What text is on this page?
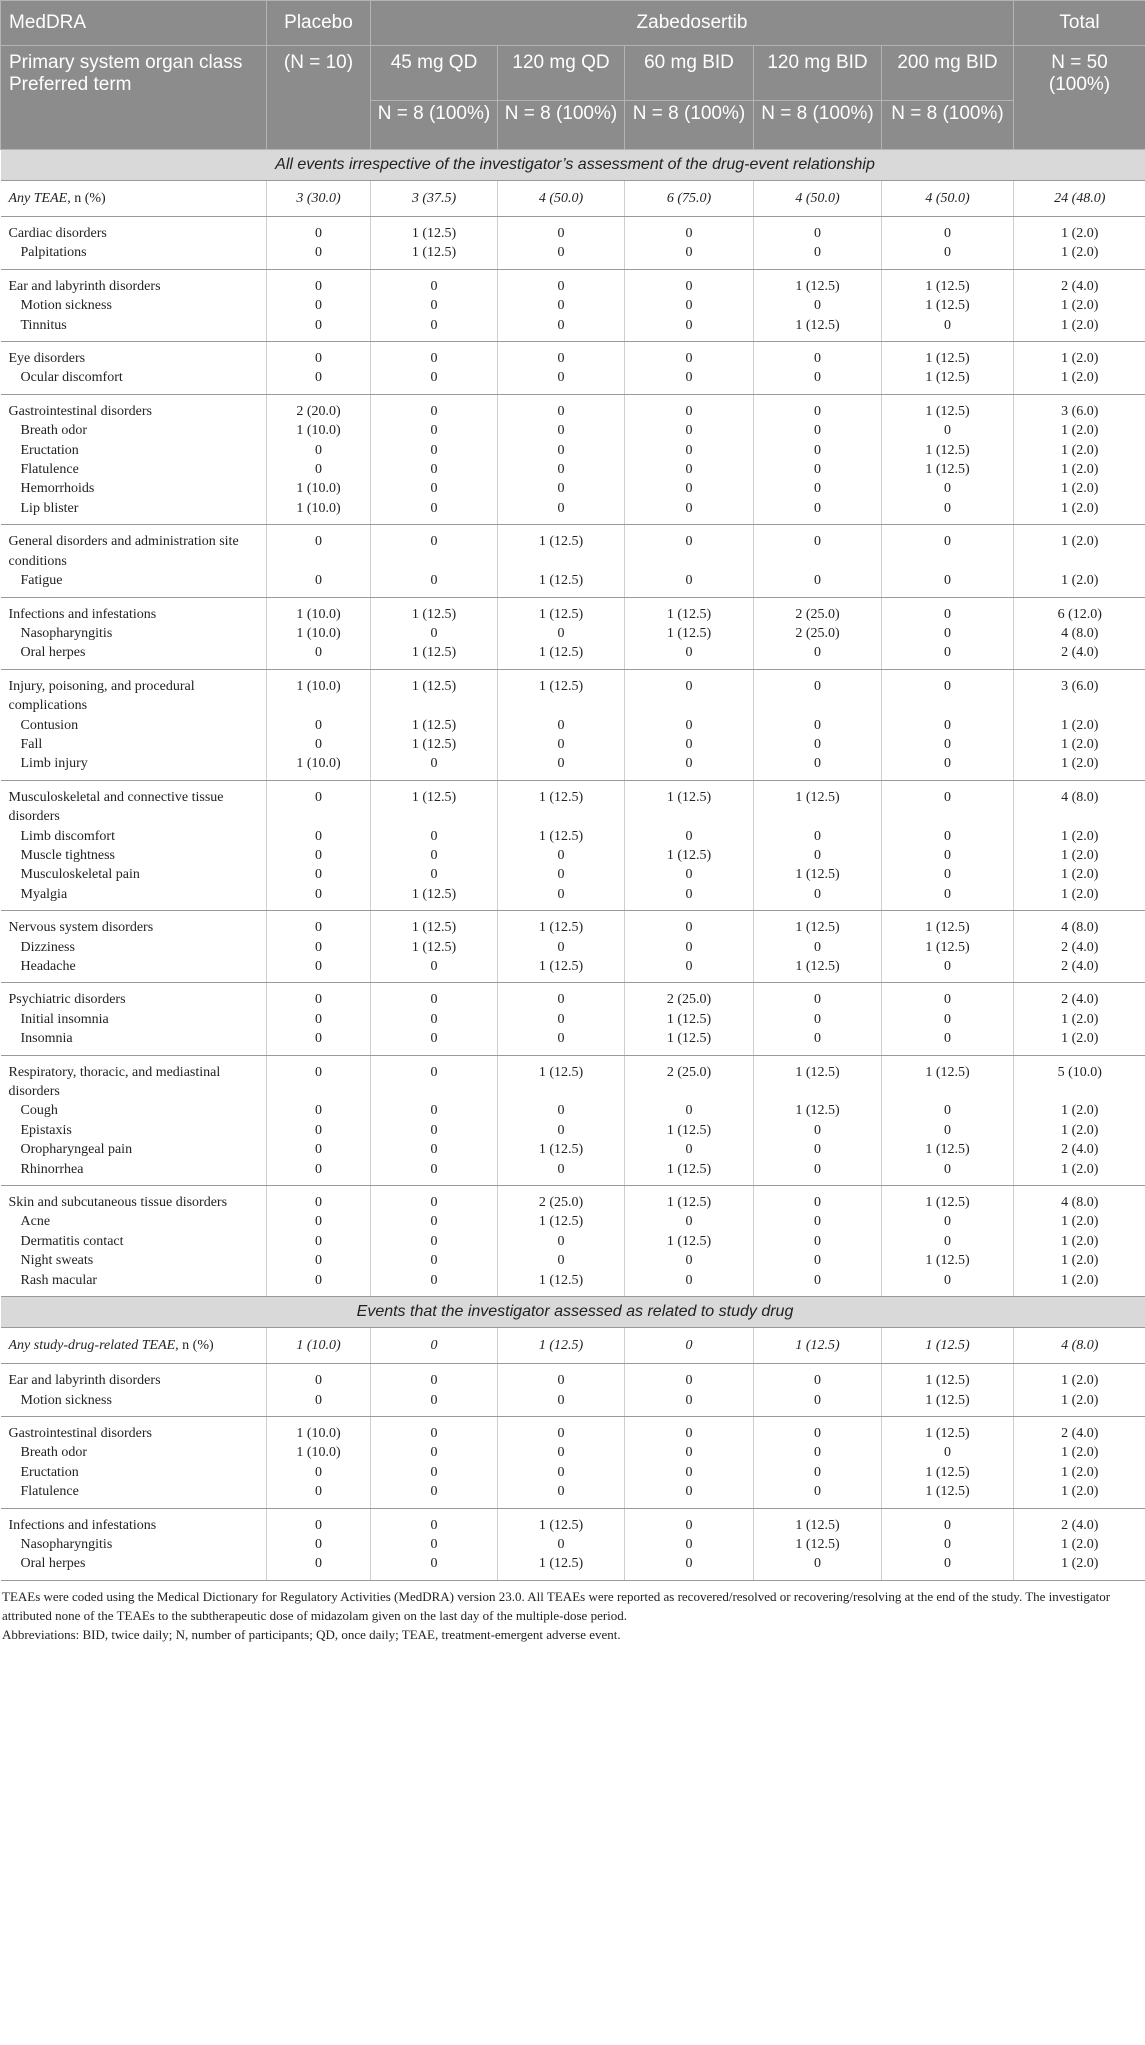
MedDRA	Placebo	Zabedosertib					Total

Primary system organ class
Preferred term	(N = 10)	45 mg QD	120 mg QD	60 mg BID	120 mg BID	200 mg BID	N = 50 (100%)
		N = 8 (100%)	N = 8 (100%)	N = 8 (100%)	N = 8 (100%)	N = 8 (100%)	
All events irrespective of the investigator’s assessment of the drug-event relationship							
Any TEAE, n (%)	3 (30.0)	3 (37.5)	4 (50.0)	6 (75.0)	4 (50.0)	4 (50.0)	24 (48.0)
Cardiac disorders	0	1 (12.5)	0	0	0	0	1 (2.0)
Palpitations	0	1 (12.5)	0	0	0	0	1 (2.0)
Ear and labyrinth disorders	0	0	0	0	1 (12.5)	1 (12.5)	2 (4.0)
Motion sickness	0	0	0	0	0	1 (12.5)	1 (2.0)
Tinnitus	0	0	0	0	1 (12.5)	0	1 (2.0)
Eye disorders	0	0	0	0	0	1 (12.5)	1 (2.0)
Ocular discomfort	0	0	0	0	0	1 (12.5)	1 (2.0)
Gastrointestinal disorders	2 (20.0)	0	0	0	0	1 (12.5)	3 (6.0)
Breath odor	1 (10.0)	0	0	0	0	0	1 (2.0)
Eructation	0	0	0	0	0	1 (12.5)	1 (2.0)
Flatulence	0	0	0	0	0	1 (12.5)	1 (2.0)
Hemorrhoids	1 (10.0)	0	0	0	0	0	1 (2.0)
Lip blister	1 (10.0)	0	0	0	0	0	1 (2.0)
General disorders and administration site conditions	0	0	1 (12.5)	0	0	0	1 (2.0)
Fatigue	0	0	1 (12.5)	0	0	0	1 (2.0)
Infections and infestations	1 (10.0)	1 (12.5)	1 (12.5)	1 (12.5)	2 (25.0)	0	6 (12.0)
Nasopharyngitis	1 (10.0)	0	0	1 (12.5)	2 (25.0)	0	4 (8.0)
Oral herpes	0	1 (12.5)	1 (12.5)	0	0	0	2 (4.0)
Injury, poisoning, and procedural complications	1 (10.0)	1 (12.5)	1 (12.5)	0	0	0	3 (6.0)
Contusion	0	1 (12.5)	0	0	0	0	1 (2.0)
Fall	0	1 (12.5)	0	0	0	0	1 (2.0)
Limb injury	1 (10.0)	0	0	0	0	0	1 (2.0)
Musculoskeletal and connective tissue disorders	0	1 (12.5)	1 (12.5)	1 (12.5)	1 (12.5)	0	4 (8.0)
Limb discomfort	0	0	1 (12.5)	0	0	0	1 (2.0)
Muscle tightness	0	0	0	1 (12.5)	0	0	1 (2.0)
Musculoskeletal pain	0	0	0	0	1 (12.5)	0	1 (2.0)
Myalgia	0	1 (12.5)	0	0	0	0	1 (2.0)
Nervous system disorders	0	1 (12.5)	1 (12.5)	0	1 (12.5)	1 (12.5)	4 (8.0)
Dizziness	0	1 (12.5)	0	0	0	1 (12.5)	2 (4.0)
Headache	0	0	1 (12.5)	0	1 (12.5)	0	2 (4.0)
Psychiatric disorders	0	0	0	2 (25.0)	0	0	2 (4.0)
Initial insomnia	0	0	0	1 (12.5)	0	0	1 (2.0)
Insomnia	0	0	0	1 (12.5)	0	0	1 (2.0)
Respiratory, thoracic, and mediastinal disorders	0	0	1 (12.5)	2 (25.0)	1 (12.5)	1 (12.5)	5 (10.0)
Cough	0	0	0	0	1 (12.5)	0	1 (2.0)
Epistaxis	0	0	0	1 (12.5)	0	0	1 (2.0)
Oropharyngeal pain	0	0	1 (12.5)	0	0	1 (12.5)	2 (4.0)
Rhinorrhea	0	0	0	1 (12.5)	0	0	1 (2.0)
Skin and subcutaneous tissue disorders	0	0	2 (25.0)	1 (12.5)	0	1 (12.5)	4 (8.0)
Acne	0	0	1 (12.5)	0	0	0	1 (2.0)
Dermatitis contact	0	0	0	1 (12.5)	0	0	1 (2.0)
Night sweats	0	0	0	0	0	1 (12.5)	1 (2.0)
Rash macular	0	0	1 (12.5)	0	0	0	1 (2.0)
Events that the investigator assessed as related to study drug							
Any study-drug-related TEAE, n (%)	1 (10.0)	0	1 (12.5)	0	1 (12.5)	1 (12.5)	4 (8.0)
Ear and labyrinth disorders	0	0	0	0	0	1 (12.5)	1 (2.0)
Motion sickness	0	0	0	0	0	1 (12.5)	1 (2.0)
Gastrointestinal disorders	1 (10.0)	0	0	0	0	1 (12.5)	2 (4.0)
Breath odor	1 (10.0)	0	0	0	0	0	1 (2.0)
Eructation	0	0	0	0	0	1 (12.5)	1 (2.0)
Flatulence	0	0	0	0	0	1 (12.5)	1 (2.0)
Infections and infestations	0	0	1 (12.5)	0	1 (12.5)	0	2 (4.0)
Nasopharyngitis	0	0	0	0	1 (12.5)	0	1 (2.0)
Oral herpes	0	0	1 (12.5)	0	0	0	1 (2.0)

TEAEs were coded using the Medical Dictionary for Regulatory Activities (MedDRA) version 23.0. All TEAEs were reported as recovered/resolved or recovering/resolving at the end of the study. The investigator attributed none of the TEAEs to the subtherapeutic dose of midazolam given on the last day of the multiple-dose period.

Abbreviations: BID, twice daily; N, number of participants; QD, once daily; TEAE, treatment-emergent adverse event.
